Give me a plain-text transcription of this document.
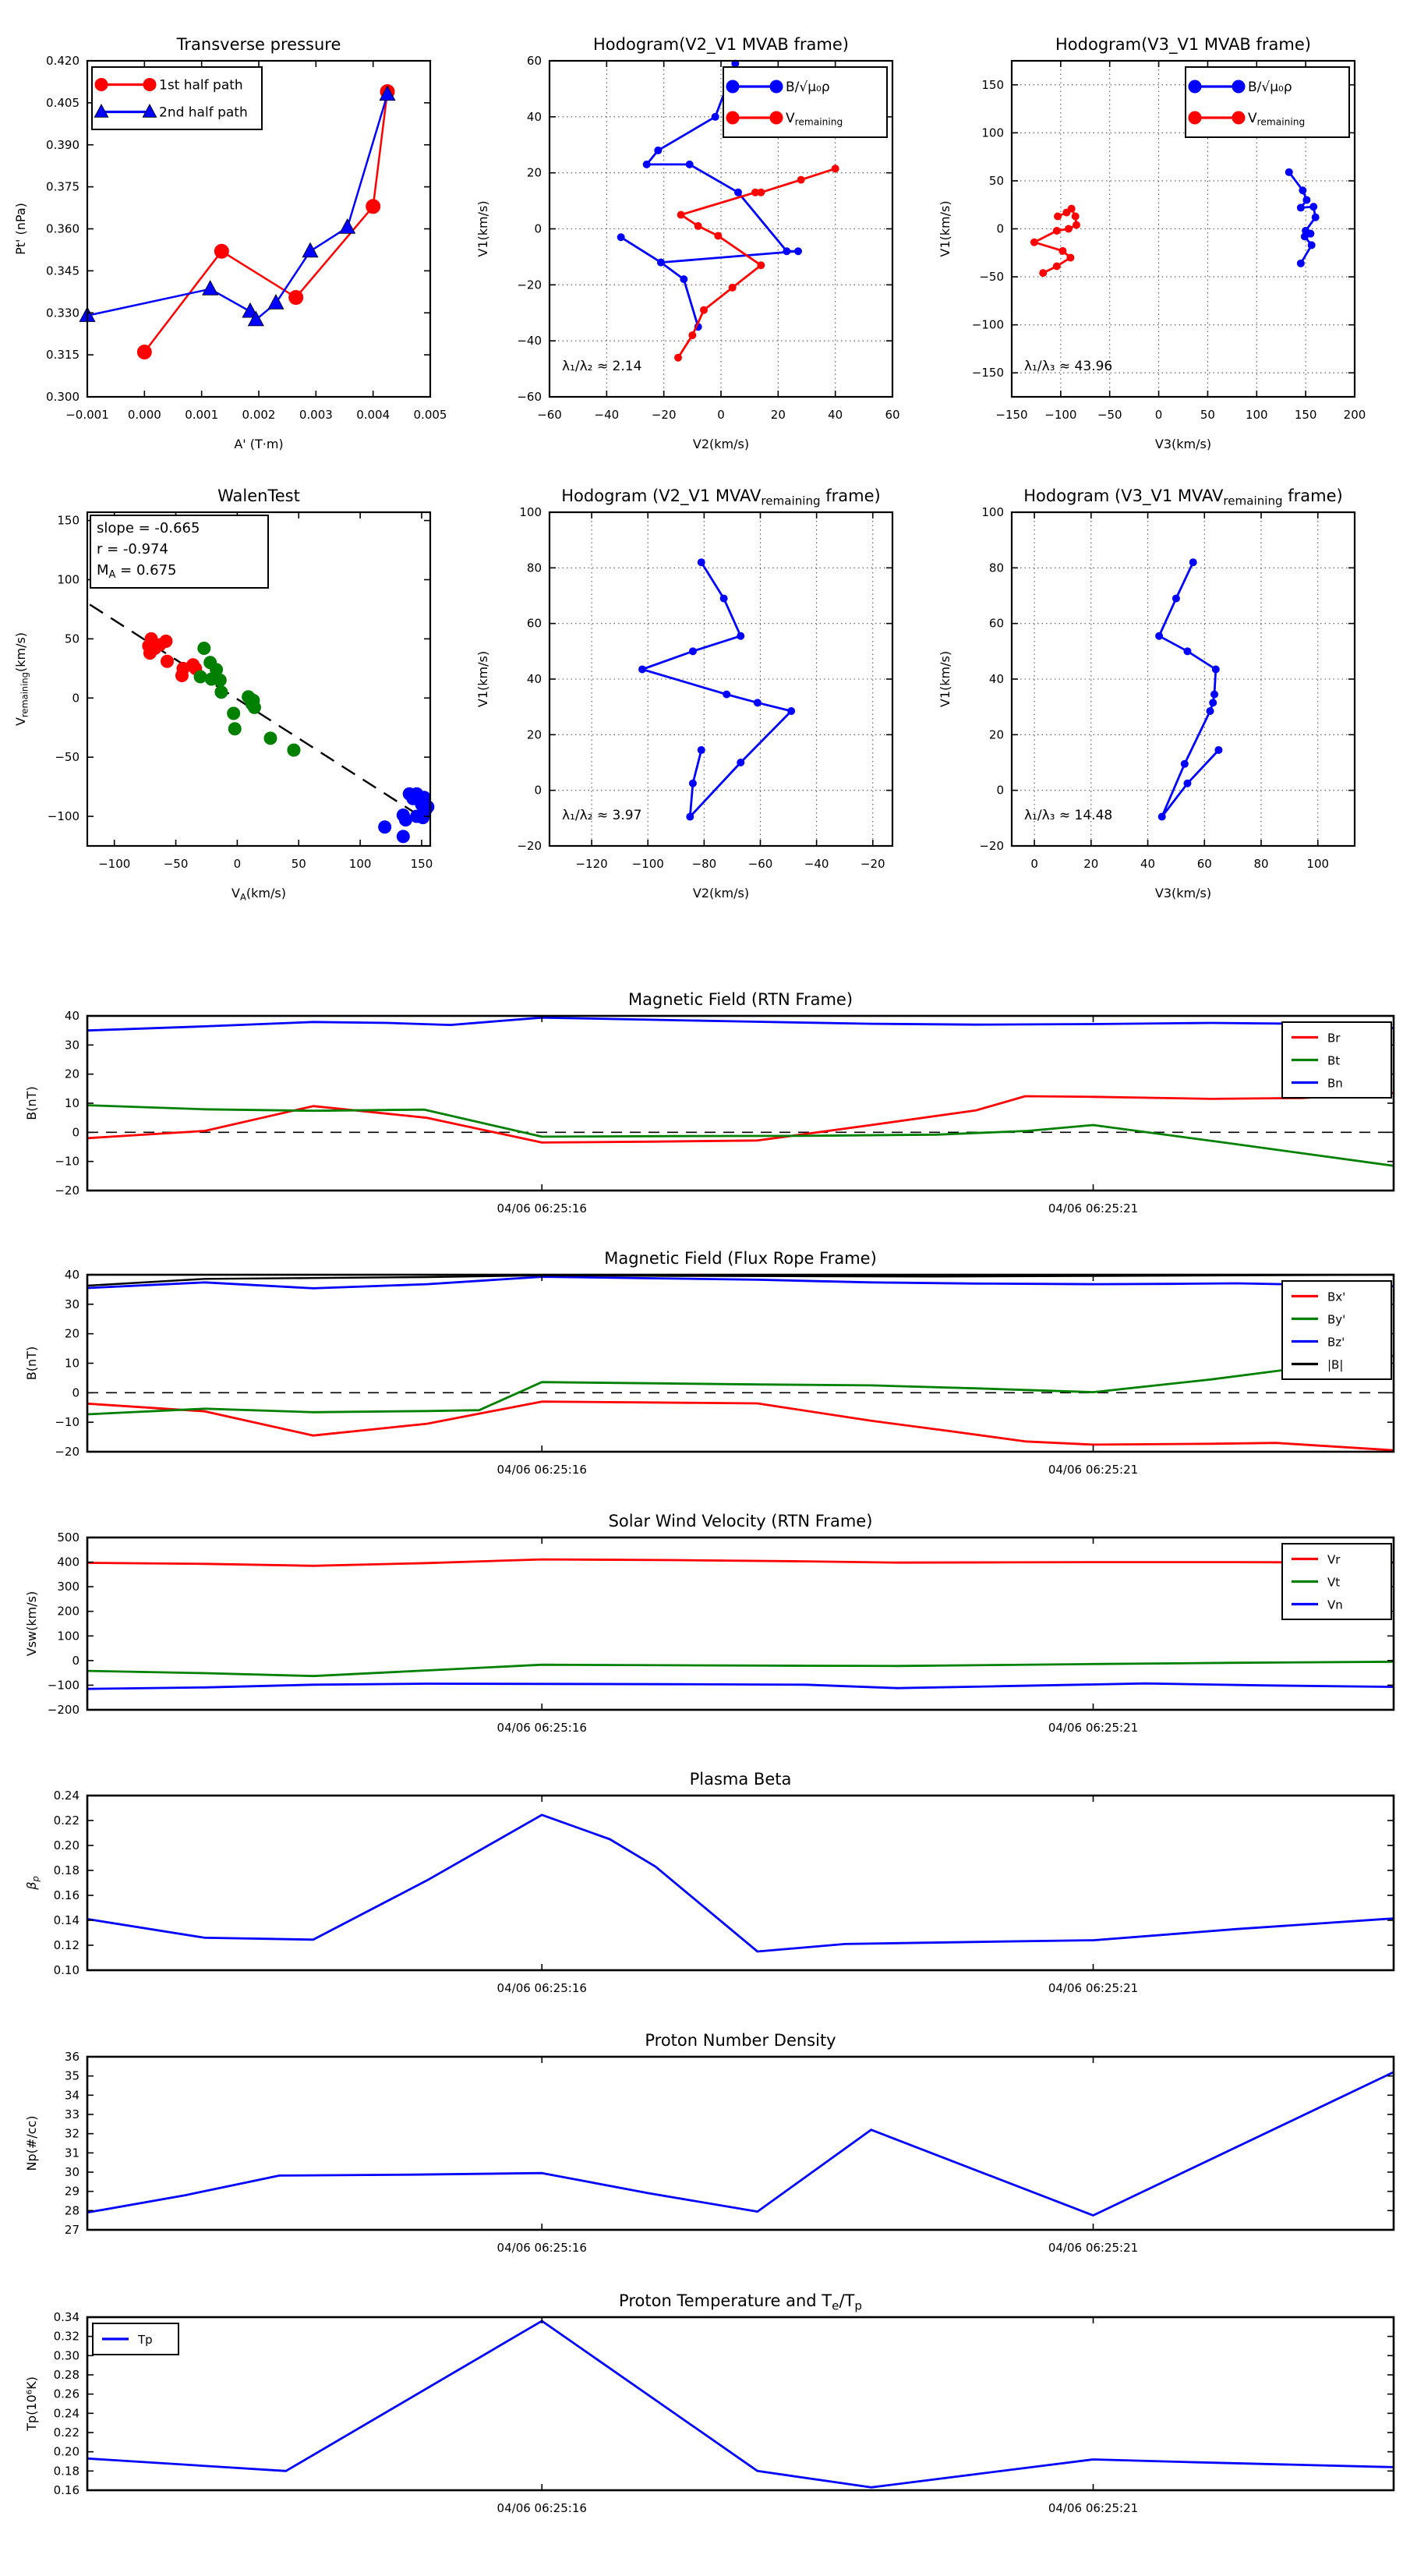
−0.001 0.000 0.001 0.002 0.003 0.004 0.005
0.300
0.315
0.330
0.345
0.360
0.375
0.390
0.405
0.420
Transverse pressure
A' (T·m)
Pt' (nPa)
1st half path
2nd half path
−60	−40	−20	0	20	40	60
−60
−40
−20
0
20
40
60
Hodogram(V2_V1 MVAB frame)
V2(km/s)
V1(km/s)
λ₁/λ₂ ≈ 2.14
B/√μ₀ρ
$V_{remaining}$
−150 −100 −50	0	50	100 150 200
−150
−100
−50
0
50
100
150
Hodogram(V3_V1 MVAB frame)
V3(km/s)
V1(km/s)
λ₁/λ₃ ≈ 43.96
B/√μ₀ρ
$V_{remaining}$
−100	−50	0	50	100	150
−100
−50
0
50
100
150
WalenTest
$V_A(km/s)$
$V_{remaining}(km/s)$
slope = -0.665
r = -0.974
$M_A = 0.675$
−120 −100 −80	−60	−40	−20
−20
0
20
40
60
80
100
Hodogram (V2_V1 $MVAV_{remaining}$ frame)
V2(km/s)
V1(km/s)
λ₁/λ₂ ≈ 3.97
0	20	40	60	80	100
−20
0
20
40
60
80
100
Hodogram (V3_V1 $MVAV_{remaining}$ frame)
V3(km/s)
V1(km/s)
λ₁/λ₃ ≈ 14.48
04/06 06:25:16	04/06 06:25:21
−20
−10
0
10
20
30
40
Magnetic Field (RTN Frame)
B(nT)
Br
Bt
Bn
04/06 06:25:16	04/06 06:25:21
−20
−10
0
10
20
30
40
Magnetic Field (Flux Rope Frame)
B(nT)
Bx'
By'
Bz'
|B|
04/06 06:25:16	04/06 06:25:21
−200
−100
0
100
200
300
400
500
Solar Wind Velocity (RTN Frame)
Vsw(km/s)
Vr
Vt
Vn
04/06 06:25:16	04/06 06:25:21
0.10
0.12
0.14
0.16
0.18
0.20
0.22
0.24
Plasma Beta
$\beta_p$
04/06 06:25:16	04/06 06:25:21
27
28
29
30
31
32
33
34
35
36
Proton Number Density
Np(#/cc)
04/06 06:25:16	04/06 06:25:21
0.16
0.18
0.20
0.22
0.24
0.26
0.28
0.30
0.32
0.34
Proton Temperature and $T_e/T_p$
Tp(10⁶K)
Tp
